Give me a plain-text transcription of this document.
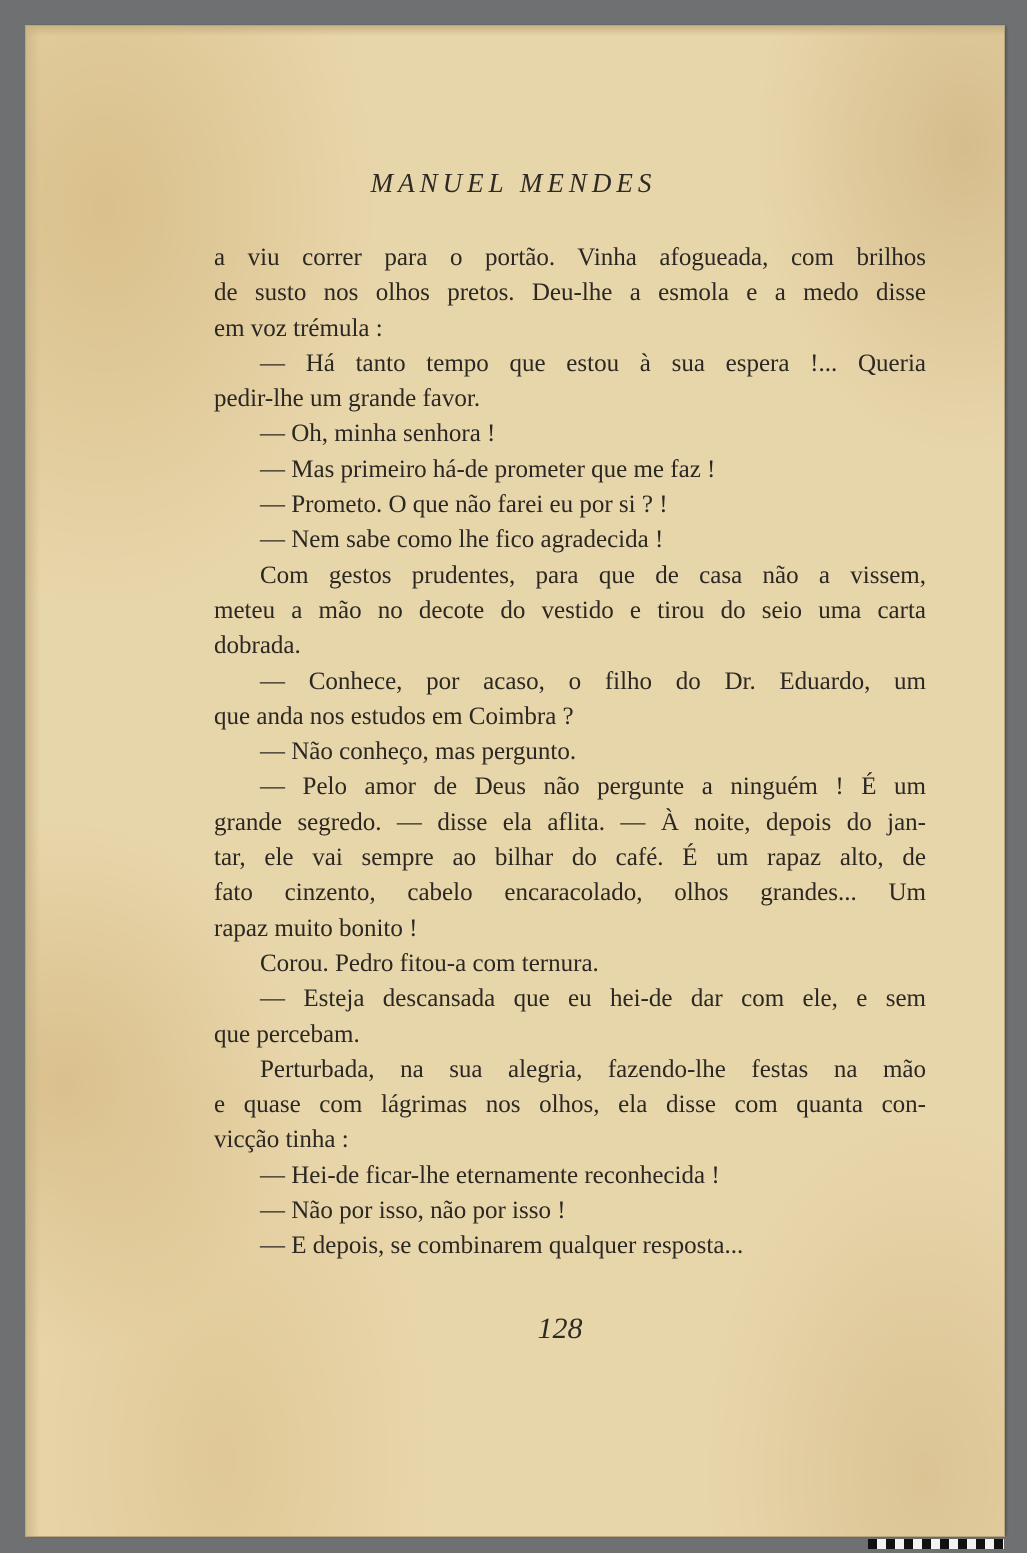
MANUEL MENDES
a viu correr para o portão. Vinha afogueada, com brilhos
de susto nos olhos pretos. Deu-lhe a esmola e a medo disse
em voz trémula :
— Há tanto tempo que estou à sua espera !... Queria
pedir-lhe um grande favor.
— Oh, minha senhora !
— Mas primeiro há-de prometer que me faz !
— Prometo. O que não farei eu por si ? !
— Nem sabe como lhe fico agradecida !
Com gestos prudentes, para que de casa não a vissem,
meteu a mão no decote do vestido e tirou do seio uma carta
dobrada.
— Conhece, por acaso, o filho do Dr. Eduardo, um
que anda nos estudos em Coimbra ?
— Não conheço, mas pergunto.
— Pelo amor de Deus não pergunte a ninguém ! É um
grande segredo. — disse ela aflita. — À noite, depois do jan-
tar, ele vai sempre ao bilhar do café. É um rapaz alto, de
fato cinzento, cabelo encaracolado, olhos grandes... Um
rapaz muito bonito !
Corou. Pedro fitou-a com ternura.
— Esteja descansada que eu hei-de dar com ele, e sem
que percebam.
Perturbada, na sua alegria, fazendo-lhe festas na mão
e quase com lágrimas nos olhos, ela disse com quanta con-
vicção tinha :
— Hei-de ficar-lhe eternamente reconhecida !
— Não por isso, não por isso !
— E depois, se combinarem qualquer resposta...
128
